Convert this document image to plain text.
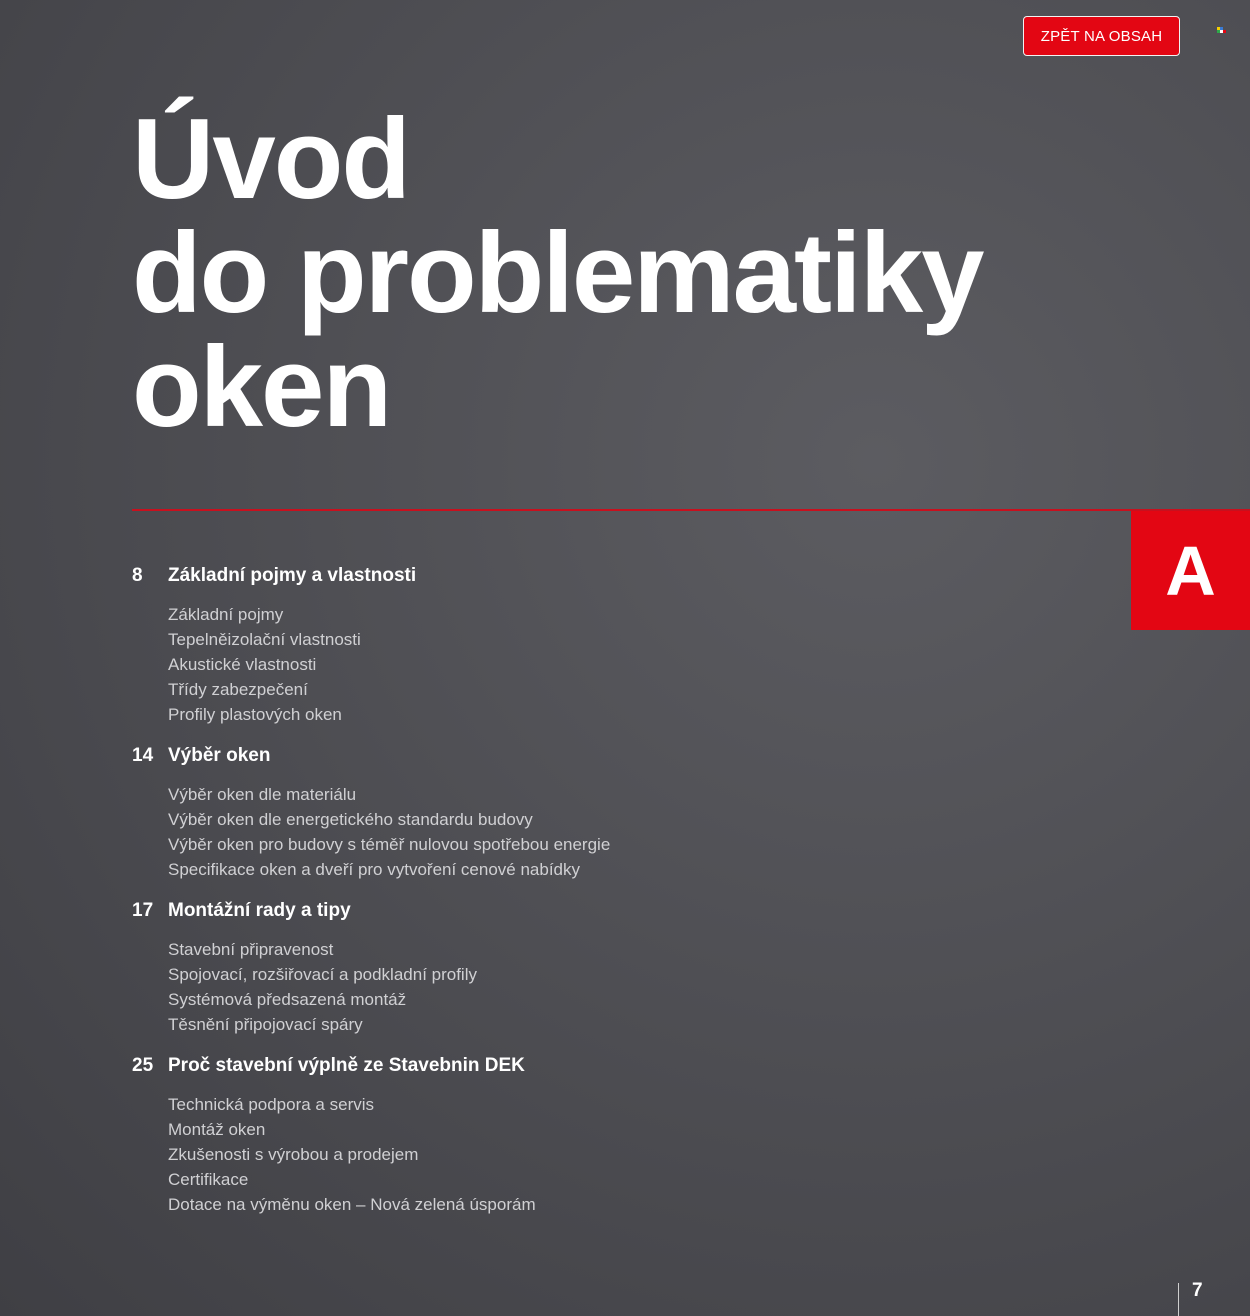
ZPĚT NA OBSAH
Úvod
do problematiky
oken
A
8	Základní pojmy a vlastnosti
Základní pojmy
Tepelněizolační vlastnosti
Akustické vlastnosti
Třídy zabezpečení
Profily plastových oken
14 Výběr oken
Výběr oken dle materiálu
Výběr oken dle energetického standardu budovy
Výběr oken pro budovy s téměř nulovou spotřebou energie
Specifikace oken a dveří pro vytvoření cenové nabídky
17 Montážní rady a tipy
Stavební připravenost
Spojovací, rozšiřovací a podkladní profily
Systémová předsazená montáž
Těsnění připojovací spáry
25 Proč stavební výplně ze Stavebnin DEK
Technická podpora a servis
Montáž oken
Zkušenosti s výrobou a prodejem
Certifikace
Dotace na výměnu oken – Nová zelená úsporám
7
